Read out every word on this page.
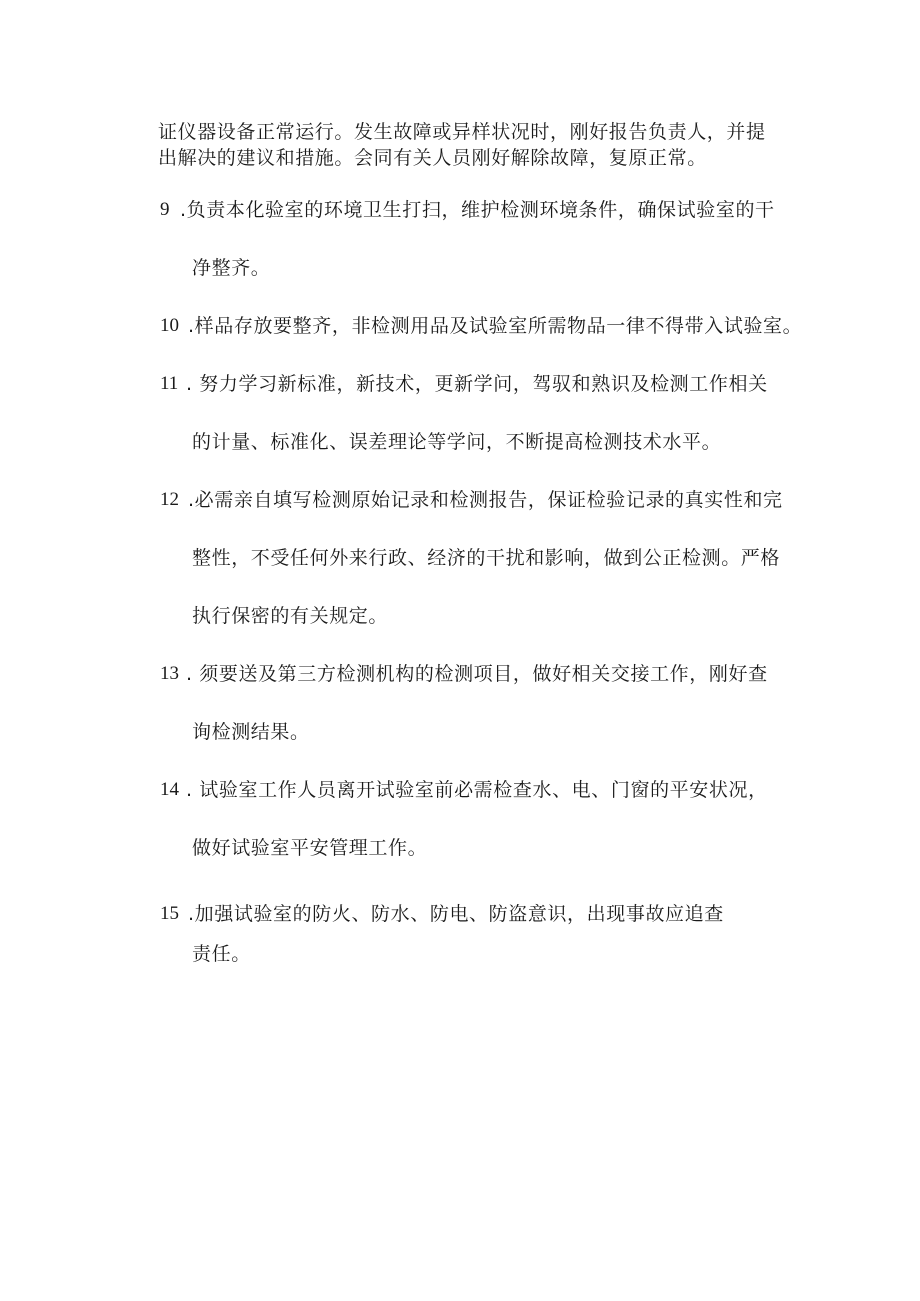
证仪器设备正常运行。发生故障或异样状况时，刚好报告负责人，并提
出解决的建议和措施。会同有关人员刚好解除故障，复原正常。
9 .负责本化验室的环境卫生打扫，维护检测环境条件，确保试验室的干
净整齐。
10 .样品存放要整齐，非检测用品及试验室所需物品一律不得带入试验室。
11 . 努力学习新标准，新技术，更新学问，驾驭和熟识及检测工作相关
的计量、标准化、误差理论等学问，不断提高检测技术水平。
12 .必需亲自填写检测原始记录和检测报告，保证检验记录的真实性和完
整性，不受任何外来行政、经济的干扰和影响，做到公正检测。严格
执行保密的有关规定。
13 . 须要送及第三方检测机构的检测项目，做好相关交接工作，刚好查
询检测结果。
14 . 试验室工作人员离开试验室前必需检查水、电、门窗的平安状况，
做好试验室平安管理工作。
15 .加强试验室的防火、防水、防电、防盗意识，出现事故应追查
责任。
